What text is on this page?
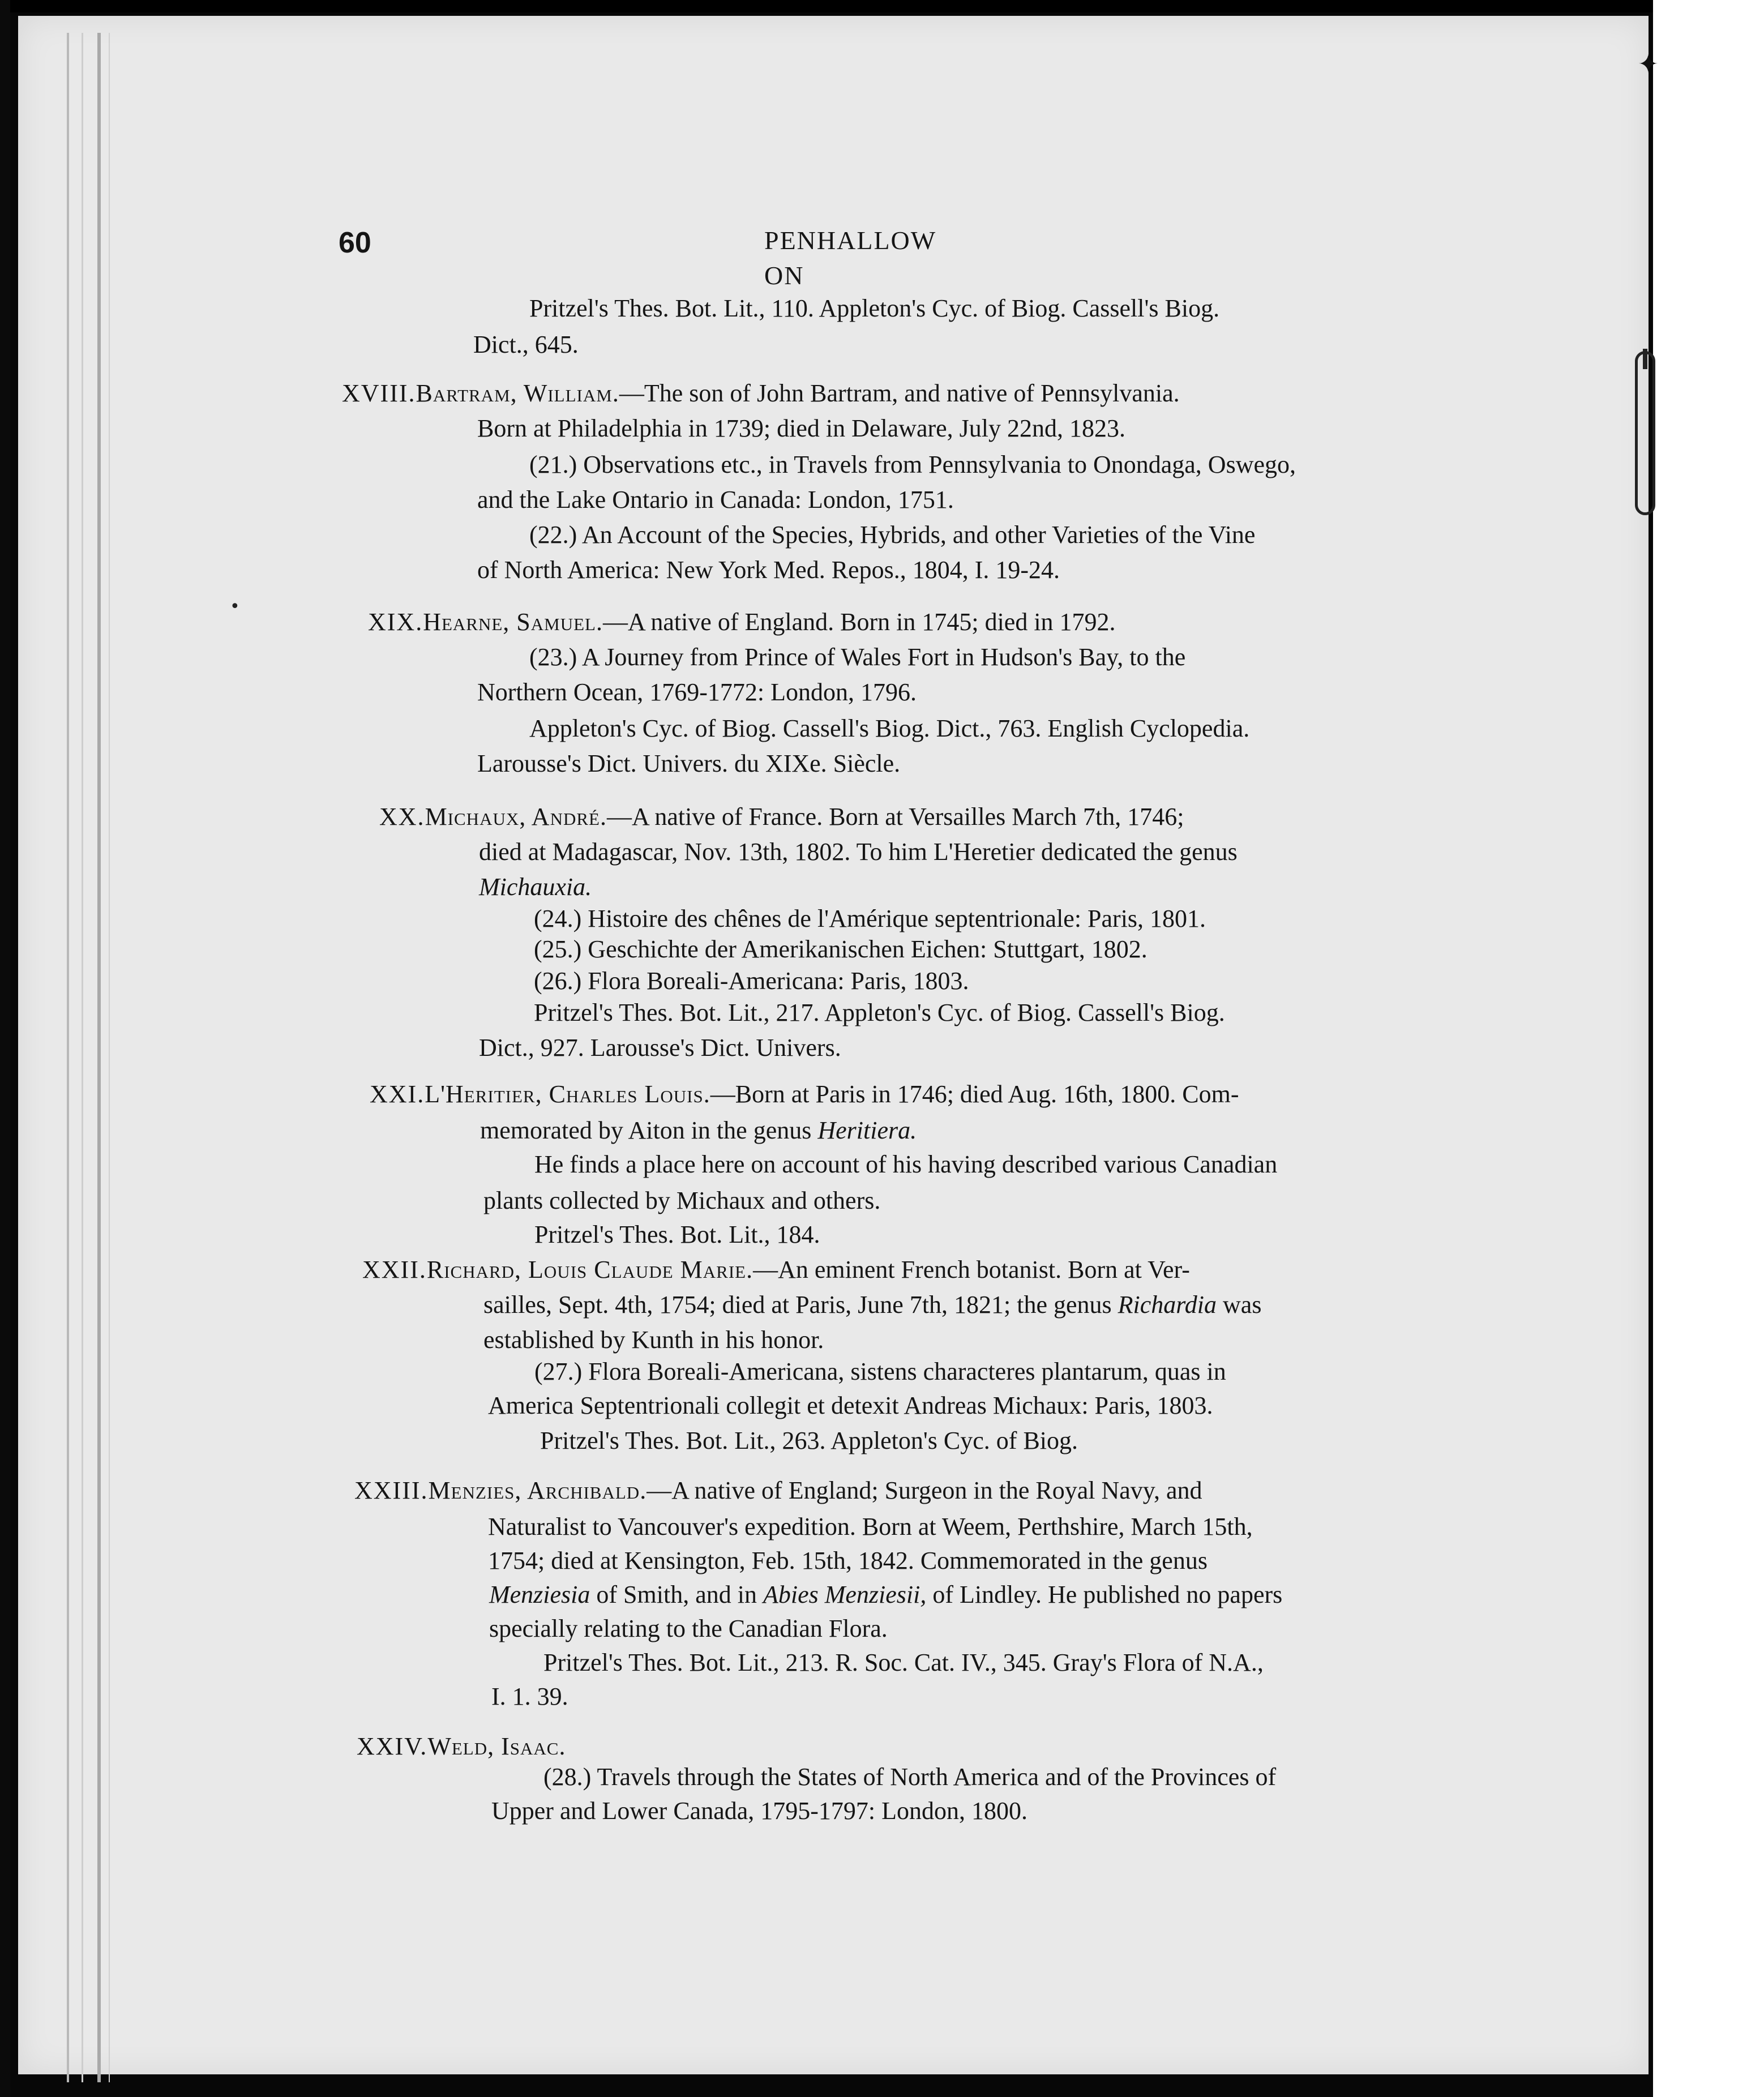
✦
•
60	PENHALLOW ON
Pritzel's Thes. Bot. Lit., 110. Appleton's Cyc. of Biog. Cassell's Biog.
Dict., 645.
XVIII.Bartram, William.—The son of John Bartram, and native of Pennsylvania.
Born at Philadelphia in 1739; died in Delaware, July 22nd, 1823.
(21.) Observations etc., in Travels from Pennsylvania to Onondaga, Oswego,
and the Lake Ontario in Canada: London, 1751.
(22.) An Account of the Species, Hybrids, and other Varieties of the Vine
of North America: New York Med. Repos., 1804, I. 19-24.
XIX.Hearne, Samuel.—A native of England. Born in 1745; died in 1792.
(23.) A Journey from Prince of Wales Fort in Hudson's Bay, to the
Northern Ocean, 1769-1772: London, 1796.
Appleton's Cyc. of Biog. Cassell's Biog. Dict., 763. English Cyclopedia.
Larousse's Dict. Univers. du XIXe. Siècle.
XX.Michaux, André.—A native of France. Born at Versailles March 7th, 1746;
died at Madagascar, Nov. 13th, 1802. To him L'Heretier dedicated the genus
Michauxia.
(24.) Histoire des chênes de l'Amérique septentrionale: Paris, 1801.
(25.) Geschichte der Amerikanischen Eichen: Stuttgart, 1802.
(26.) Flora Boreali-Americana: Paris, 1803.
Pritzel's Thes. Bot. Lit., 217. Appleton's Cyc. of Biog. Cassell's Biog.
Dict., 927. Larousse's Dict. Univers.
XXI.L'Heritier, Charles Louis.—Born at Paris in 1746; died Aug. 16th, 1800. Com-
memorated by Aiton in the genus Heritiera.
He finds a place here on account of his having described various Canadian
plants collected by Michaux and others.
Pritzel's Thes. Bot. Lit., 184.
XXII.Richard, Louis Claude Marie.—An eminent French botanist. Born at Ver-
sailles, Sept. 4th, 1754; died at Paris, June 7th, 1821; the genus Richardia was
established by Kunth in his honor.
(27.) Flora Boreali-Americana, sistens characteres plantarum, quas in
America Septentrionali collegit et detexit Andreas Michaux: Paris, 1803.
Pritzel's Thes. Bot. Lit., 263. Appleton's Cyc. of Biog.
XXIII.Menzies, Archibald.—A native of England; Surgeon in the Royal Navy, and
Naturalist to Vancouver's expedition. Born at Weem, Perthshire, March 15th,
1754; died at Kensington, Feb. 15th, 1842. Commemorated in the genus
Menziesia of Smith, and in Abies Menziesii, of Lindley. He published no papers
specially relating to the Canadian Flora.
Pritzel's Thes. Bot. Lit., 213. R. Soc. Cat. IV., 345. Gray's Flora of N.A.,
I. 1. 39.
XXIV.Weld, Isaac.
(28.) Travels through the States of North America and of the Provinces of
Upper and Lower Canada, 1795-1797: London, 1800.
